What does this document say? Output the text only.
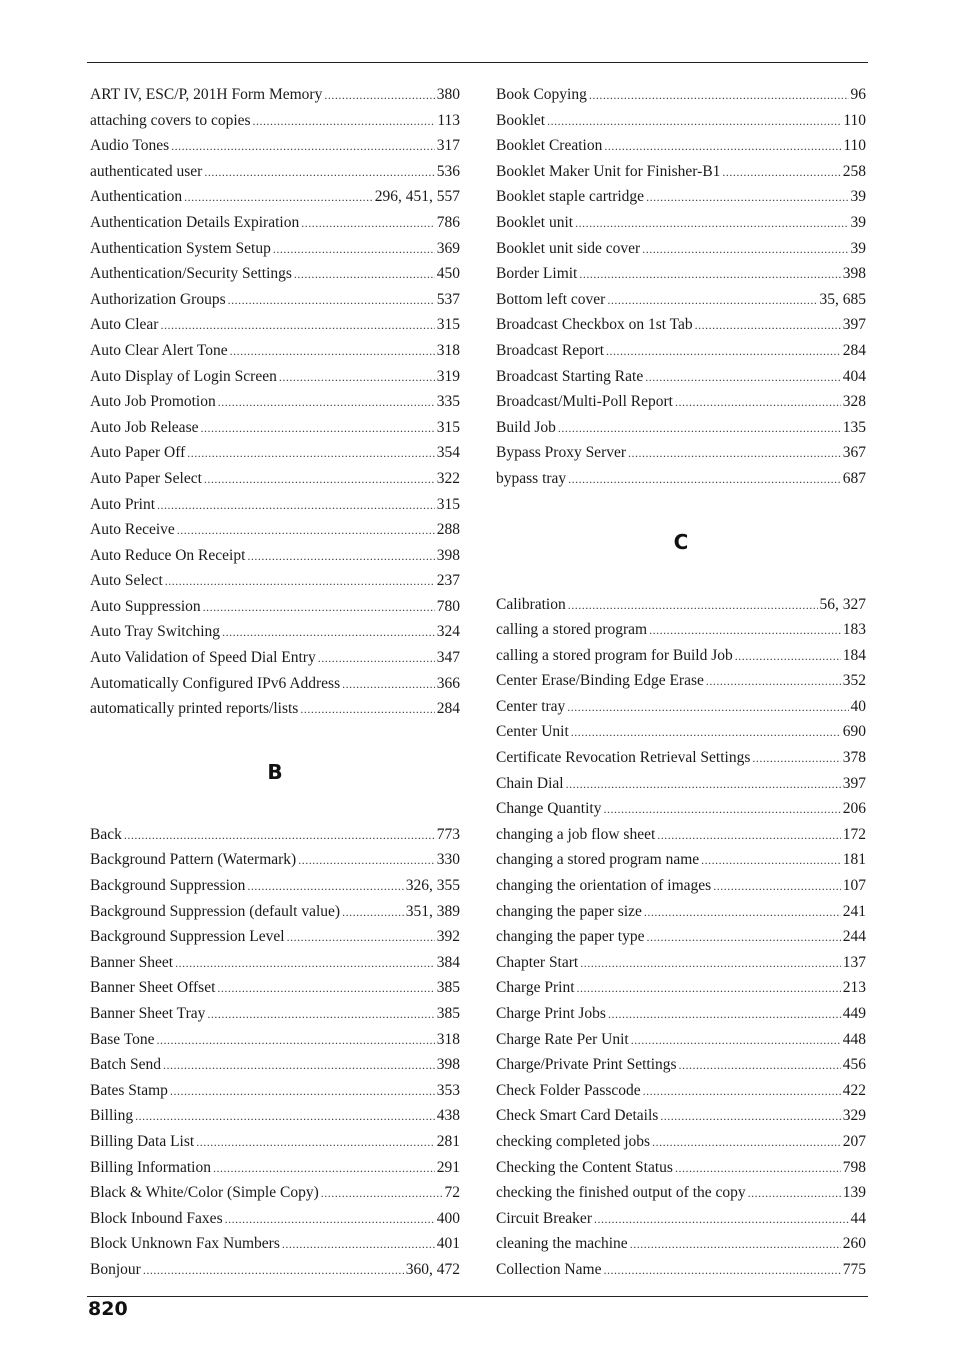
ART IV, ESC/P, 201H Form Memory .....	380
attaching covers to copies .....	113
Audio Tones .....	317
authenticated user .....	536
Authentication .....	296, 451, 557
Authentication Details Expiration .....	786
Authentication System Setup .....	369
Authentication/Security Settings .....	450
Authorization Groups .....	537
Auto Clear .....	315
Auto Clear Alert Tone .....	318
Auto Display of Login Screen .....	319
Auto Job Promotion .....	335
Auto Job Release .....	315
Auto Paper Off .....	354
Auto Paper Select .....	322
Auto Print .....	315
Auto Receive .....	288
Auto Reduce On Receipt .....	398
Auto Select .....	237
Auto Suppression .....	780
Auto Tray Switching .....	324
Auto Validation of Speed Dial Entry .....	347
Automatically Configured IPv6 Address .....	366
automatically printed reports/lists .....	284
B
Back .....	773
Background Pattern (Watermark) .....	330
Background Suppression .....	326, 355
Background Suppression (default value) .....	351, 389
Background Suppression Level .....	392
Banner Sheet .....	384
Banner Sheet Offset .....	385
Banner Sheet Tray .....	385
Base Tone .....	318
Batch Send .....	398
Bates Stamp .....	353
Billing .....	438
Billing Data List .....	281
Billing Information .....	291
Black & White/Color (Simple Copy) .....	72
Block Inbound Faxes .....	400
Block Unknown Fax Numbers .....	401
Bonjour .....	360, 472
Book Copying .....	96
Booklet .....	110
Booklet Creation .....	110
Booklet Maker Unit for Finisher-B1 .....	258
Booklet staple cartridge .....	39
Booklet unit .....	39
Booklet unit side cover .....	39
Border Limit .....	398
Bottom left cover .....	35, 685
Broadcast Checkbox on 1st Tab .....	397
Broadcast Report .....	284
Broadcast Starting Rate .....	404
Broadcast/Multi-Poll Report .....	328
Build Job .....	135
Bypass Proxy Server .....	367
bypass tray .....	687
C
Calibration .....	56, 327
calling a stored program .....	183
calling a stored program for Build Job .....	184
Center Erase/Binding Edge Erase .....	352
Center tray .....	40
Center Unit .....	690
Certificate Revocation Retrieval Settings .....	378
Chain Dial .....	397
Change Quantity .....	206
changing a job flow sheet .....	172
changing a stored program name .....	181
changing the orientation of images .....	107
changing the paper size .....	241
changing the paper type .....	244
Chapter Start .....	137
Charge Print .....	213
Charge Print Jobs .....	449
Charge Rate Per Unit .....	448
Charge/Private Print Settings .....	456
Check Folder Passcode .....	422
Check Smart Card Details .....	329
checking completed jobs .....	207
Checking the Content Status .....	798
checking the finished output of the copy .....	139
Circuit Breaker .....	44
cleaning the machine .....	260
Collection Name .....	775
820
